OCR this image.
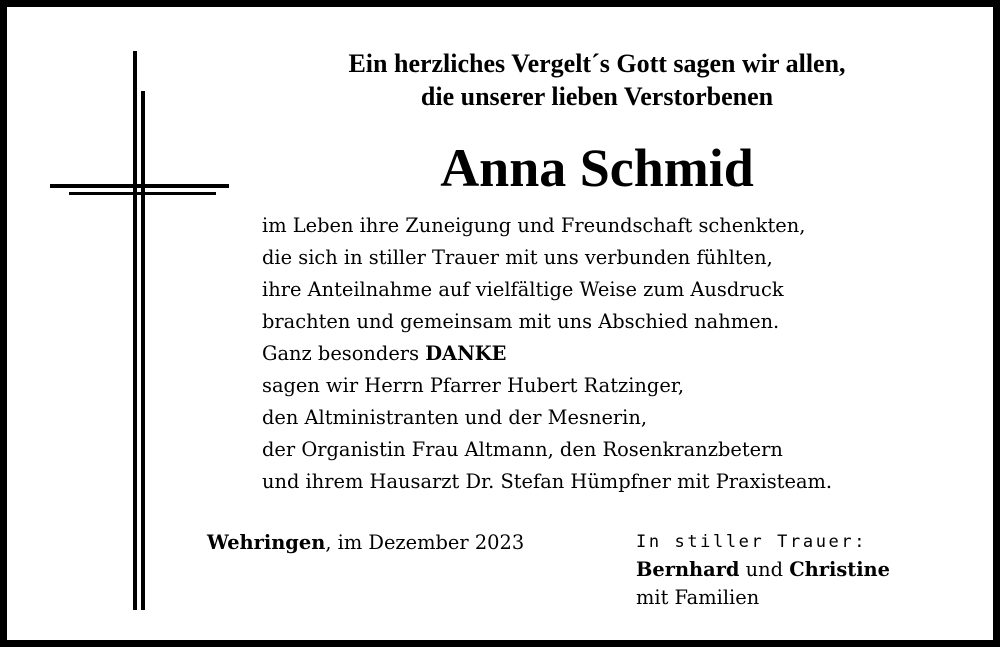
Ein herzliches Vergelt´s Gott sagen wir allen,
die unserer lieben Verstorbenen
Anna Schmid
im Leben ihre Zuneigung und Freundschaft schenkten,
die sich in stiller Trauer mit uns verbunden fühlten,
ihre Anteilnahme auf vielfältige Weise zum Ausdruck
brachten und gemeinsam mit uns Abschied nahmen.
Ganz besonders DANKE
sagen wir Herrn Pfarrer Hubert Ratzinger,
den Altministranten und der Mesnerin,
der Organistin Frau Altmann, den Rosenkranzbetern
und ihrem Hausarzt Dr. Stefan Hümpfner mit Praxisteam.
Wehringen, im Dezember 2023	In stiller Trauer:
Bernhard und Christine
mit Familien
